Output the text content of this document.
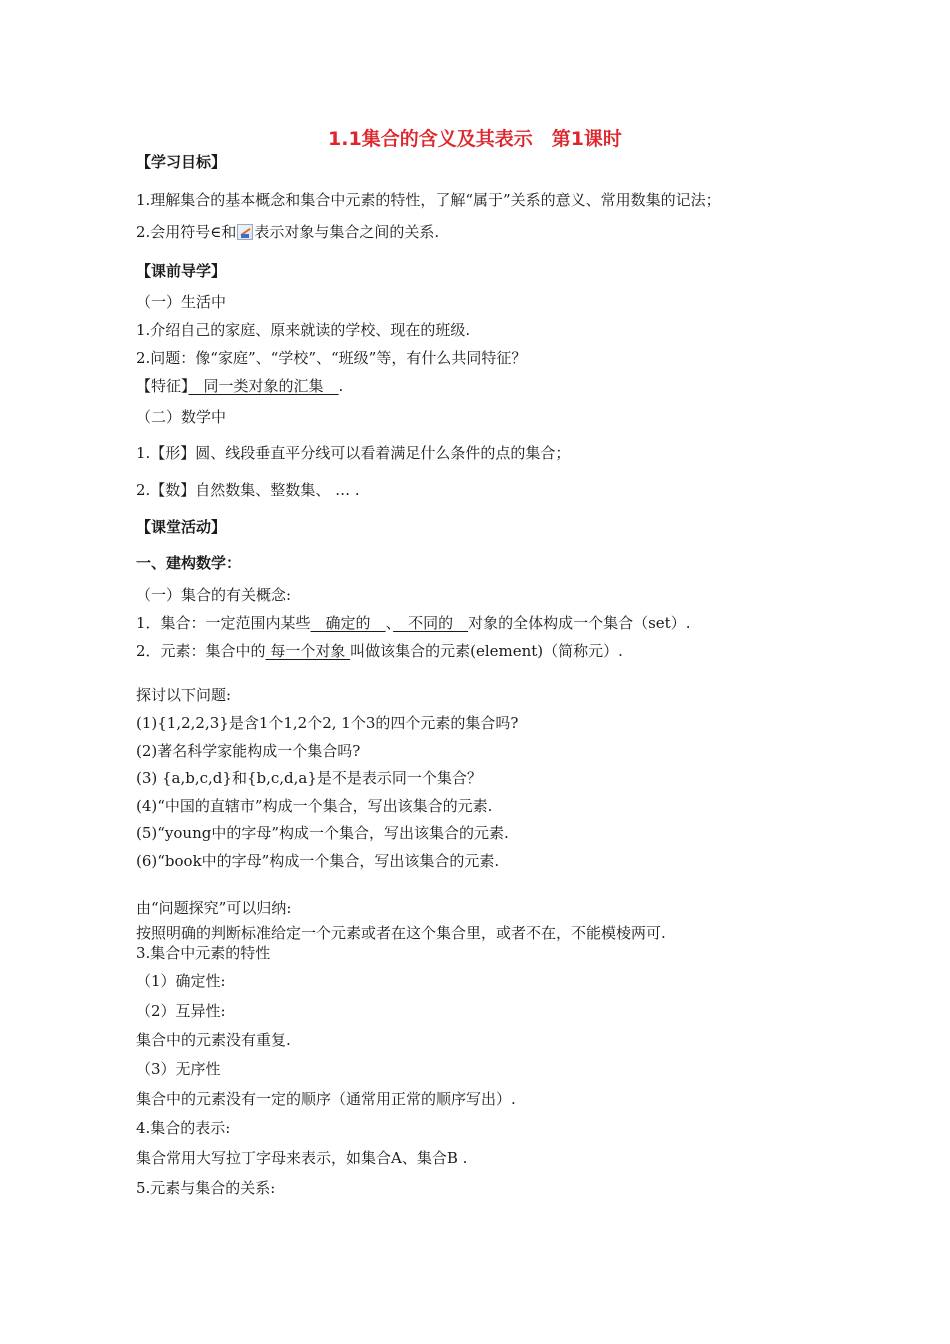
1.1集合的含义及其表示　第1课时
【学习目标】
1.理解集合的基本概念和集合中元素的特性，了解“属于”关系的意义、常用数集的记法；
2.会用符号∈和 表示对象与集合之间的关系.
【课前导学】
（一）生活中
1.介绍自己的家庭、原来就读的学校、现在的班级.
2.问题：像“家庭”、“学校”、“班级”等，有什么共同特征？
【特征】　同一类对象的汇集　.
（二）数学中
1.【形】圆、线段垂直平分线可以看着满足什么条件的点的集合；
2.【数】自然数集、整数集、 … .
【课堂活动】
一、建构数学：
（一）集合的有关概念:
1．集合：一定范围内某些　确定的　、　不同的　对象的全体构成一个集合（set）.
2．元素：集合中的 每一个对象 叫做该集合的元素(element)（简称元）.
探讨以下问题:
(1){1,2,2,3}是含1个1,2个2, 1个3的四个元素的集合吗?
(2)著名科学家能构成一个集合吗?
(3) {a,b,c,d}和{b,c,d,a}是不是表示同一个集合？
(4)“中国的直辖市”构成一个集合，写出该集合的元素.
(5)“young中的字母”构成一个集合，写出该集合的元素.
(6)“book中的字母”构成一个集合，写出该集合的元素.
由“问题探究”可以归纳:
按照明确的判断标准给定一个元素或者在这个集合里，或者不在，不能模棱两可.
3.集合中元素的特性
（1）确定性:
（2）互异性:
集合中的元素没有重复.
（3）无序性
集合中的元素没有一定的顺序（通常用正常的顺序写出）.
4.集合的表示:
集合常用大写拉丁字母来表示，如集合A、集合B .
5.元素与集合的关系:
